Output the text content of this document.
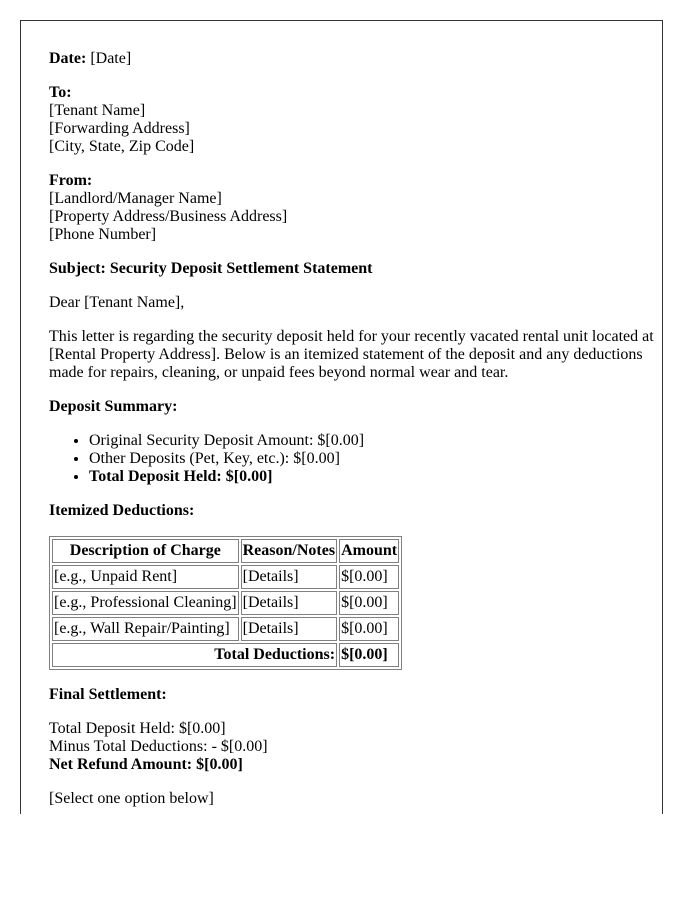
Date: [Date]

To:
[Tenant Name]
[Forwarding Address]
[City, State, Zip Code]

From:
[Landlord/Manager Name]
[Property Address/Business Address]
[Phone Number]

Subject: Security Deposit Settlement Statement

Dear [Tenant Name],

This letter is regarding the security deposit held for your recently vacated rental unit located at [Rental Property Address]. Below is an itemized statement of the deposit and any deductions made for repairs, cleaning, or unpaid fees beyond normal wear and tear.

Deposit Summary:

• Original Security Deposit Amount: $[0.00]
• Other Deposits (Pet, Key, etc.): $[0.00]
• Total Deposit Held: $[0.00]

Itemized Deductions:

Description of Charge	Reason/Notes	Amount
[e.g., Unpaid Rent]	[Details]	$[0.00]
[e.g., Professional Cleaning]	[Details]	$[0.00]
[e.g., Wall Repair/Painting]	[Details]	$[0.00]
Total Deductions:		$[0.00]

Final Settlement:

Total Deposit Held: $[0.00]
Minus Total Deductions: - $[0.00]
Net Refund Amount: $[0.00]

[Select one option below]
